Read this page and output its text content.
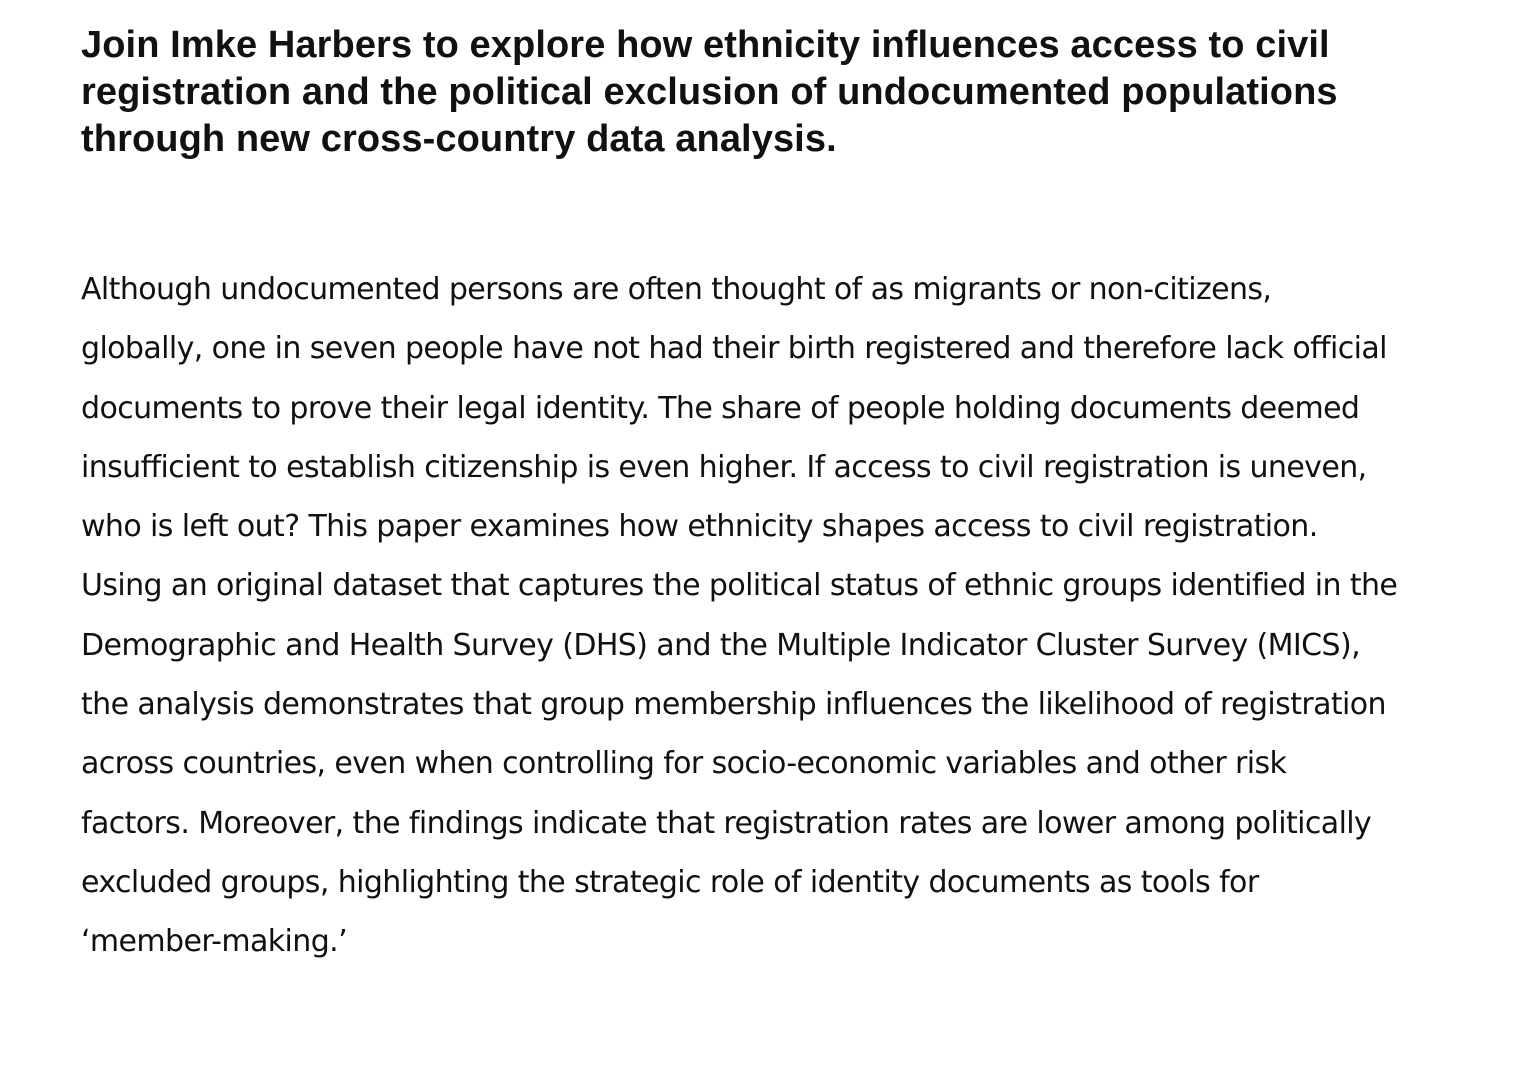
Join Imke Harbers to explore how ethnicity influences access to civil registration and the political exclusion of undocumented populations through new cross-country data analysis.

Although undocumented persons are often thought of as migrants or non-citizens, globally, one in seven people have not had their birth registered and therefore lack official documents to prove their legal identity. The share of people holding documents deemed insufficient to establish citizenship is even higher. If access to civil registration is uneven, who is left out? This paper examines how ethnicity shapes access to civil registration. Using an original dataset that captures the political status of ethnic groups identified in the Demographic and Health Survey (DHS) and the Multiple Indicator Cluster Survey (MICS), the analysis demonstrates that group membership influences the likelihood of registration across countries, even when controlling for socio-economic variables and other risk factors. Moreover, the findings indicate that registration rates are lower among politically excluded groups, highlighting the strategic role of identity documents as tools for ‘member-making.’
